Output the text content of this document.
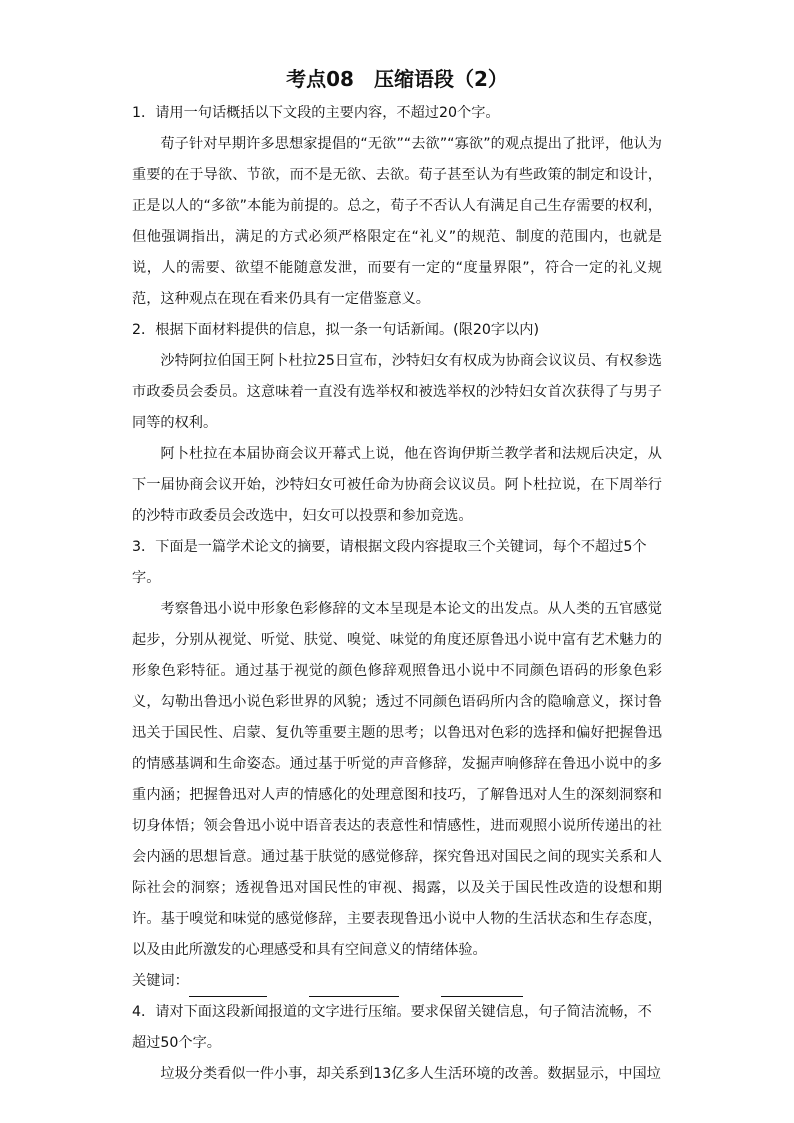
考点08　压缩语段（2）

1．请用一句话概括以下文段的主要内容，不超过20个字。

荀子针对早期许多思想家提倡的“无欲”“去欲”“寡欲”的观点提出了批评，他认为重要的在于导欲、节欲，而不是无欲、去欲。荀子甚至认为有些政策的制定和设计，正是以人的“多欲”本能为前提的。总之，荀子不否认人有满足自己生存需要的权利，但他强调指出，满足的方式必须严格限定在“礼义”的规范、制度的范围内，也就是说，人的需要、欲望不能随意发泄，而要有一定的“度量界限”，符合一定的礼义规范，这种观点在现在看来仍具有一定借鉴意义。

2．根据下面材料提供的信息，拟一条一句话新闻。(限20字以内)

沙特阿拉伯国王阿卜杜拉25日宣布，沙特妇女有权成为协商会议议员、有权参选市政委员会委员。这意味着一直没有选举权和被选举权的沙特妇女首次获得了与男子同等的权利。

阿卜杜拉在本届协商会议开幕式上说，他在咨询伊斯兰教学者和法规后决定，从下一届协商会议开始，沙特妇女可被任命为协商会议议员。阿卜杜拉说，在下周举行的沙特市政委员会改选中，妇女可以投票和参加竞选。

3．下面是一篇学术论文的摘要，请根据文段内容提取三个关键词，每个不超过5个字。

考察鲁迅小说中形象色彩修辞的文本呈现是本论文的出发点。从人类的五官感觉起步，分别从视觉、听觉、肤觉、嗅觉、味觉的角度还原鲁迅小说中富有艺术魅力的形象色彩特征。通过基于视觉的颜色修辞观照鲁迅小说中不同颜色语码的形象色彩义，勾勒出鲁迅小说色彩世界的风貌；透过不同颜色语码所内含的隐喻意义，探讨鲁迅关于国民性、启蒙、复仇等重要主题的思考；以鲁迅对色彩的选择和偏好把握鲁迅的情感基调和生命姿态。通过基于听觉的声音修辞，发掘声响修辞在鲁迅小说中的多重内涵；把握鲁迅对人声的情感化的处理意图和技巧，了解鲁迅对人生的深刻洞察和切身体悟；领会鲁迅小说中语音表达的表意性和情感性，进而观照小说所传递出的社会内涵的思想旨意。通过基于肤觉的感觉修辞，探究鲁迅对国民之间的现实关系和人际社会的洞察；透视鲁迅对国民性的审视、揭露，以及关于国民性改造的设想和期许。基于嗅觉和味觉的感觉修辞，主要表现鲁迅小说中人物的生活状态和生存态度，以及由此所激发的心理感受和具有空间意义的情绪体验。

关键词：

4．请对下面这段新闻报道的文字进行压缩。要求保留关键信息，句子简洁流畅，不超过50个字。

垃圾分类看似一件小事，却关系到13亿多人生活环境的改善。数据显示，中国垃
